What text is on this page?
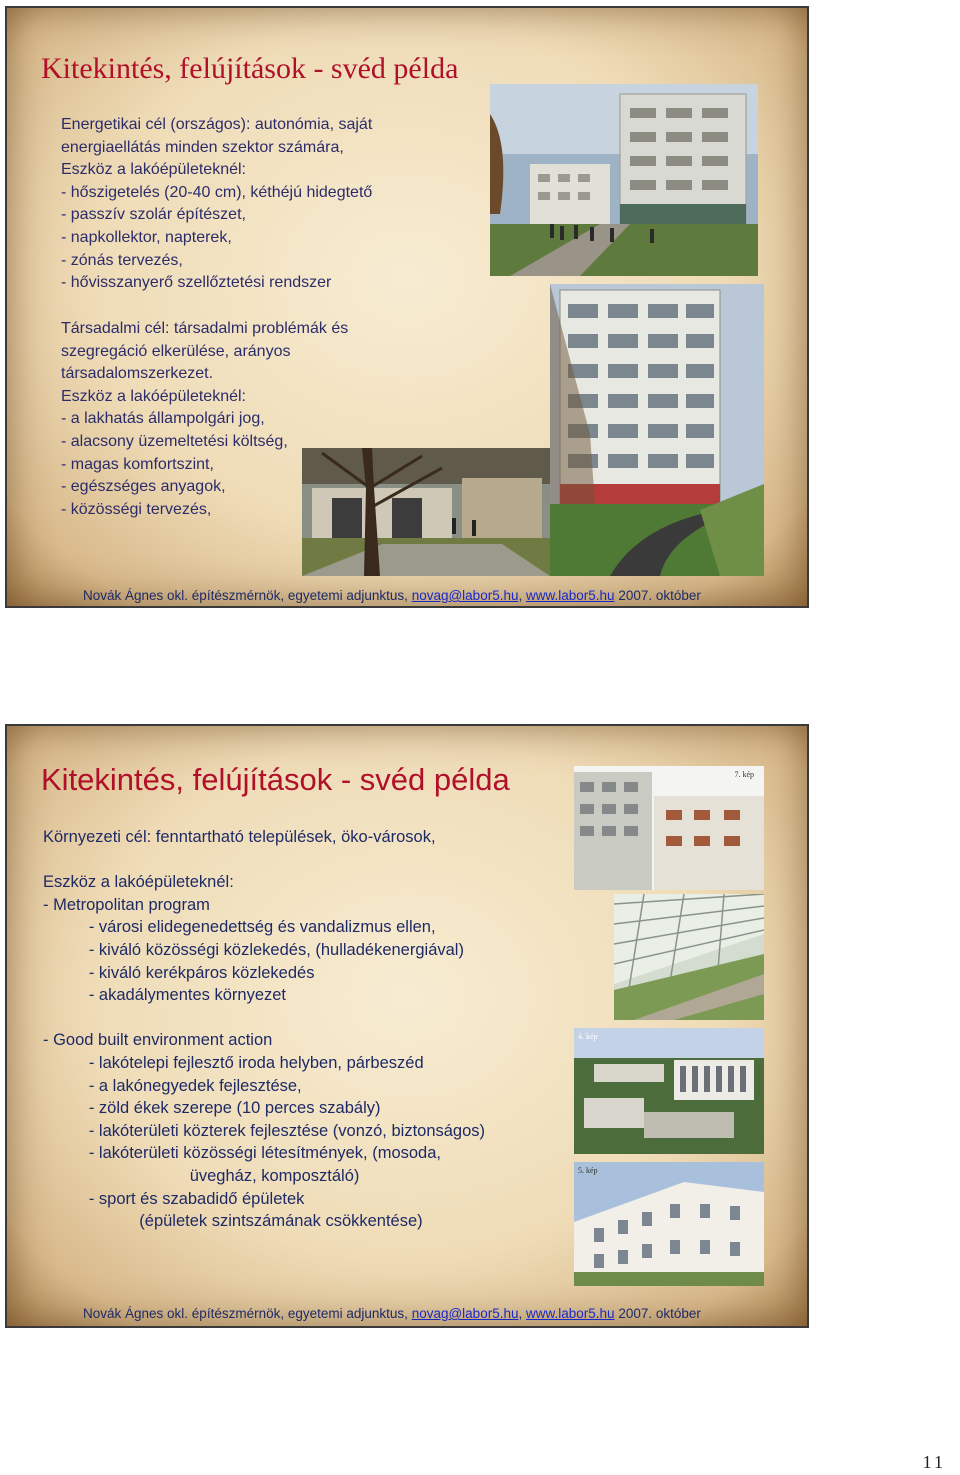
Kitekintés, felújítások - svéd példa
Energetikai cél (országos): autonómia, saját
energiaellátás minden szektor számára,
Eszköz a lakóépületeknél:
- hőszigetelés (20-40 cm), kéthéjú hidegtető
- passzív szolár építészet,
- napkollektor, napterek,
- zónás tervezés,
- hővisszanyerő szellőztetési rendszer
Társadalmi cél: társadalmi problémák és
szegregáció elkerülése, arányos
társadalomszerkezet.
Eszköz a lakóépületeknél:
- a lakhatás állampolgári jog,
- alacsony üzemeltetési költség,
- magas komfortszint,
- egészséges anyagok,
- közösségi tervezés,
Novák Ágnes okl. építészmérnök, egyetemi adjunktus, novag@labor5.hu, www.labor5.hu 2007. október
7. kép
4. kép
5. kép
Kitekintés, felújítások - svéd példa
Környezeti cél: fenntartható települések, öko-városok,
Eszköz a lakóépületeknél:
- Metropolitan program
- városi elidegenedettség és vandalizmus ellen,
- kiváló közösségi közlekedés, (hulladékenergiával)
- kiváló kerékpáros közlekedés
- akadálymentes környezet
- Good built environment action
- lakótelepi fejlesztő iroda helyben, párbeszéd
- a lakónegyedek fejlesztése,
- zöld ékek szerepe (10 perces szabály)
- lakóterületi közterek fejlesztése (vonzó, biztonságos)
- lakóterületi közösségi létesítmények, (mosoda,
üvegház, komposztáló)
- sport és szabadidő épületek
(épületek szintszámának csökkentése)
Novák Ágnes okl. építészmérnök, egyetemi adjunktus, novag@labor5.hu, www.labor5.hu 2007. október
11
